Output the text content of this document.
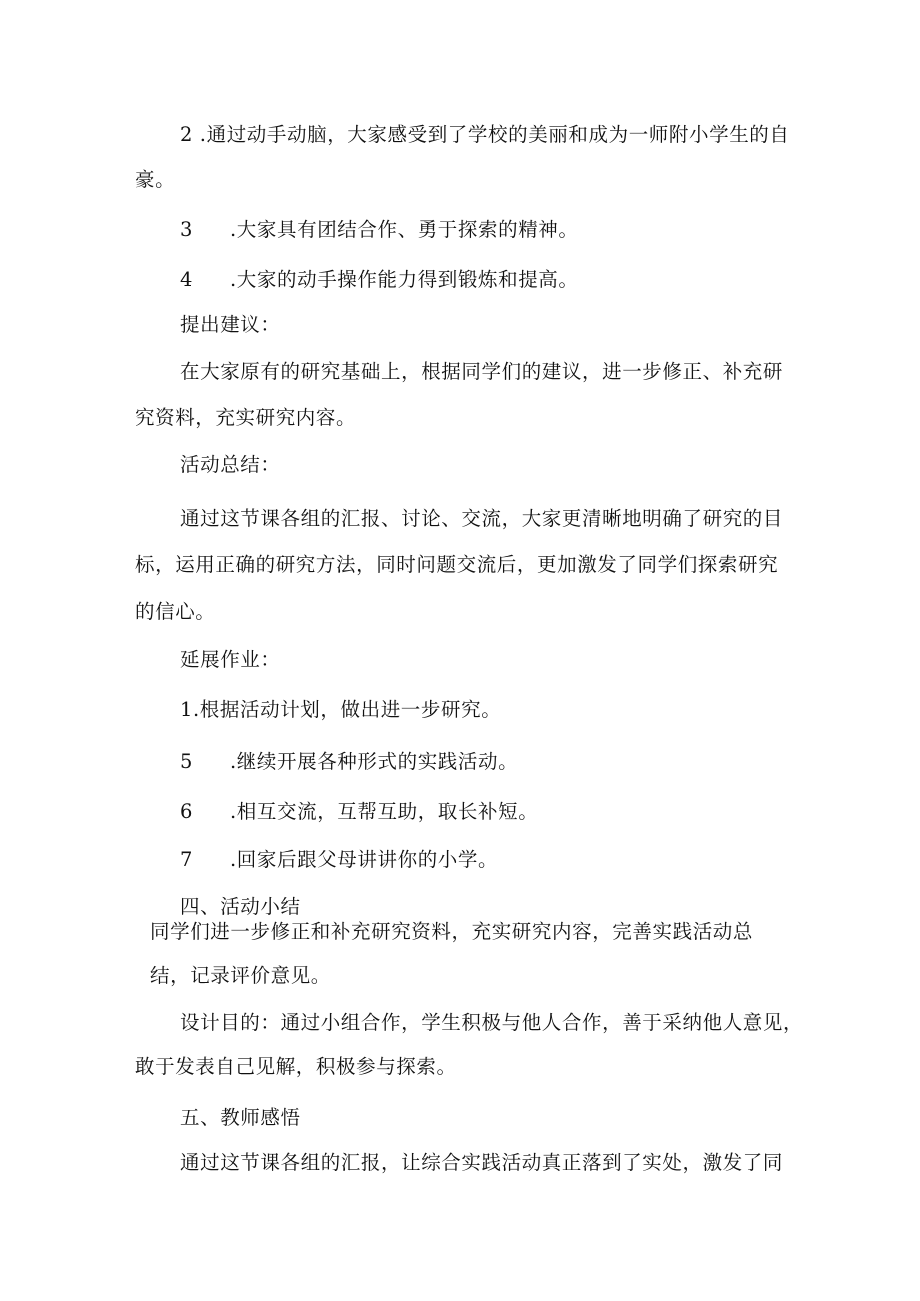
2 .通过动手动脑，大家感受到了学校的美丽和成为一师附小学生的自
豪。
3 .大家具有团结合作、勇于探索的精神。
4 .大家的动手操作能力得到锻炼和提高。
提出建议：
在大家原有的研究基础上，根据同学们的建议，进一步修正、补充研
究资料，充实研究内容。
活动总结：
通过这节课各组的汇报、讨论、交流，大家更清晰地明确了研究的目
标，运用正确的研究方法，同时问题交流后，更加激发了同学们探索研究
的信心。
延展作业：
1.根据活动计划，做出进一步研究。
5 .继续开展各种形式的实践活动。
6 .相互交流，互帮互助，取长补短。
7 .回家后跟父母讲讲你的小学。
四、活动小结
同学们进一步修正和补充研究资料，充实研究内容，完善实践活动总
结，记录评价意见。
设计目的：通过小组合作，学生积极与他人合作，善于采纳他人意见，
敢于发表自己见解，积极参与探索。
五、教师感悟
通过这节课各组的汇报，让综合实践活动真正落到了实处，激发了同
